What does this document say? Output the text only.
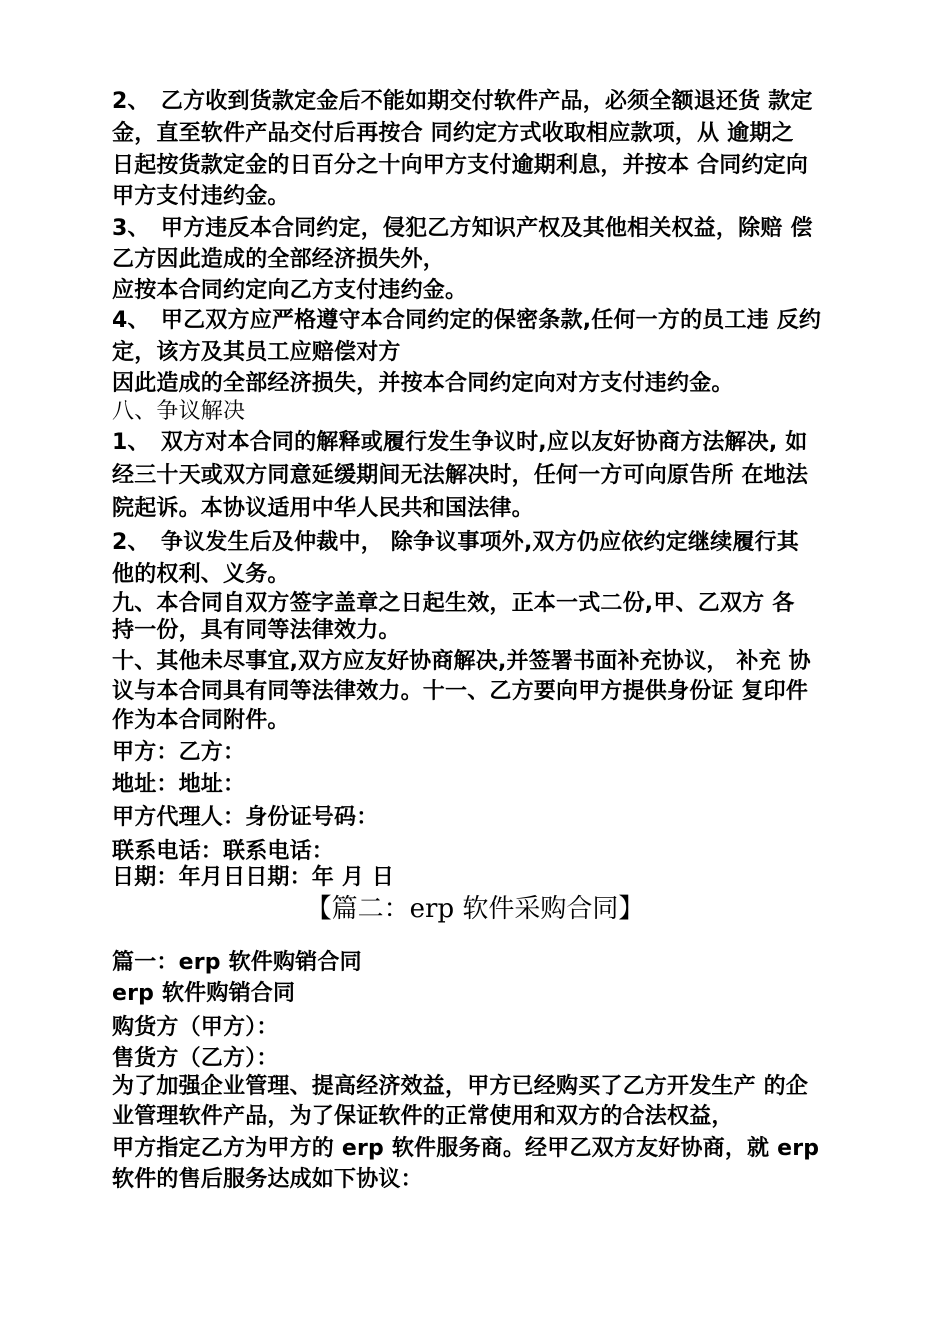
2、　乙方收到货款定金后不能如期交付软件产品，必须全额退还货 款定
金，直至软件产品交付后再按合 同约定方式收取相应款项，从 逾期之
日起按货款定金的日百分之十向甲方支付逾期利息，并按本 合同约定向
甲方支付违约金。
3、　甲方违反本合同约定，侵犯乙方知识产权及其他相关权益，除赔 偿
乙方因此造成的全部经济损失外，
应按本合同约定向乙方支付违约金。
4、　甲乙双方应严格遵守本合同约定的保密条款,任何一方的员工违 反约
定，该方及其员工应赔偿对方
因此造成的全部经济损失，并按本合同约定向对方支付违约金。
八、争议解决
1、　双方对本合同的解释或履行发生争议时,应以友好协商方法解决, 如
经三十天或双方同意延缓期间无法解决时，任何一方可向原告所 在地法
院起诉。本协议适用中华人民共和国法律。
2、　争议发生后及仲裁中， 除争议事项外,双方仍应依约定继续履行其
他的权利、义务。
九、本合同自双方签字盖章之日起生效，正本一式二份,甲、乙双方 各
持一份，具有同等法律效力。
十、其他未尽事宜,双方应友好协商解决,并签署书面补充协议， 补充 协
议与本合同具有同等法律效力。十一、乙方要向甲方提供身份证 复印件
作为本合同附件。
甲方：乙方：
地址：地址：
甲方代理人：身份证号码：
联系电话：联系电话：
日期：年月日日期：年 月 日
【篇二：erp 软件采购合同】
篇一：erp 软件购销合同
erp 软件购销合同
购货方（甲方）：
售货方（乙方）：
为了加强企业管理、提高经济效益，甲方已经购买了乙方开发生产 的企
业管理软件产品，为了保证软件的正常使用和双方的合法权益，
甲方指定乙方为甲方的 erp 软件服务商。经甲乙双方友好协商，就 erp
软件的售后服务达成如下协议：
